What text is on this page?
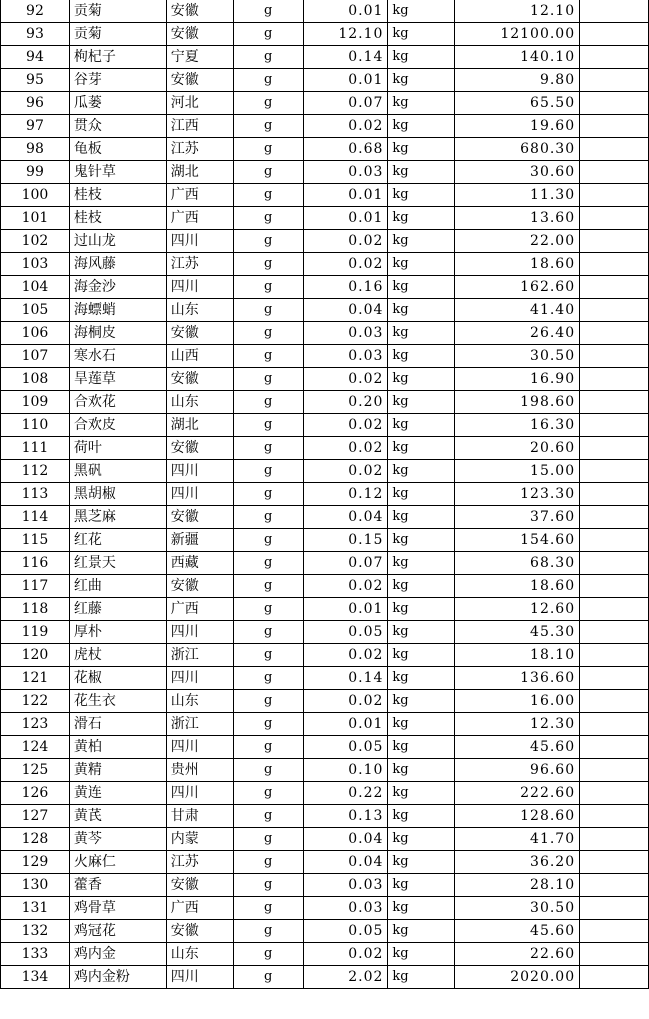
92	贡菊	安徽	g	0.01	kg	12.10	
93	贡菊	安徽	g	12.10	kg	12100.00	
94	枸杞子	宁夏	g	0.14	kg	140.10	
95	谷芽	安徽	g	0.01	kg	9.80	
96	瓜蒌	河北	g	0.07	kg	65.50	
97	贯众	江西	g	0.02	kg	19.60	
98	龟板	江苏	g	0.68	kg	680.30	
99	鬼针草	湖北	g	0.03	kg	30.60	
100	桂枝	广西	g	0.01	kg	11.30	
101	桂枝	广西	g	0.01	kg	13.60	
102	过山龙	四川	g	0.02	kg	22.00	
103	海风藤	江苏	g	0.02	kg	18.60	
104	海金沙	四川	g	0.16	kg	162.60	
105	海螵蛸	山东	g	0.04	kg	41.40	
106	海桐皮	安徽	g	0.03	kg	26.40	
107	寒水石	山西	g	0.03	kg	30.50	
108	旱莲草	安徽	g	0.02	kg	16.90	
109	合欢花	山东	g	0.20	kg	198.60	
110	合欢皮	湖北	g	0.02	kg	16.30	
111	荷叶	安徽	g	0.02	kg	20.60	
112	黑矾	四川	g	0.02	kg	15.00	
113	黑胡椒	四川	g	0.12	kg	123.30	
114	黑芝麻	安徽	g	0.04	kg	37.60	
115	红花	新疆	g	0.15	kg	154.60	
116	红景天	西藏	g	0.07	kg	68.30	
117	红曲	安徽	g	0.02	kg	18.60	
118	红藤	广西	g	0.01	kg	12.60	
119	厚朴	四川	g	0.05	kg	45.30	
120	虎杖	浙江	g	0.02	kg	18.10	
121	花椒	四川	g	0.14	kg	136.60	
122	花生衣	山东	g	0.02	kg	16.00	
123	滑石	浙江	g	0.01	kg	12.30	
124	黄柏	四川	g	0.05	kg	45.60	
125	黄精	贵州	g	0.10	kg	96.60	
126	黄连	四川	g	0.22	kg	222.60	
127	黄芪	甘肃	g	0.13	kg	128.60	
128	黄芩	内蒙	g	0.04	kg	41.70	
129	火麻仁	江苏	g	0.04	kg	36.20	
130	藿香	安徽	g	0.03	kg	28.10	
131	鸡骨草	广西	g	0.03	kg	30.50	
132	鸡冠花	安徽	g	0.05	kg	45.60	
133	鸡内金	山东	g	0.02	kg	22.60	
134	鸡内金粉	四川	g	2.02	kg	2020.00	
